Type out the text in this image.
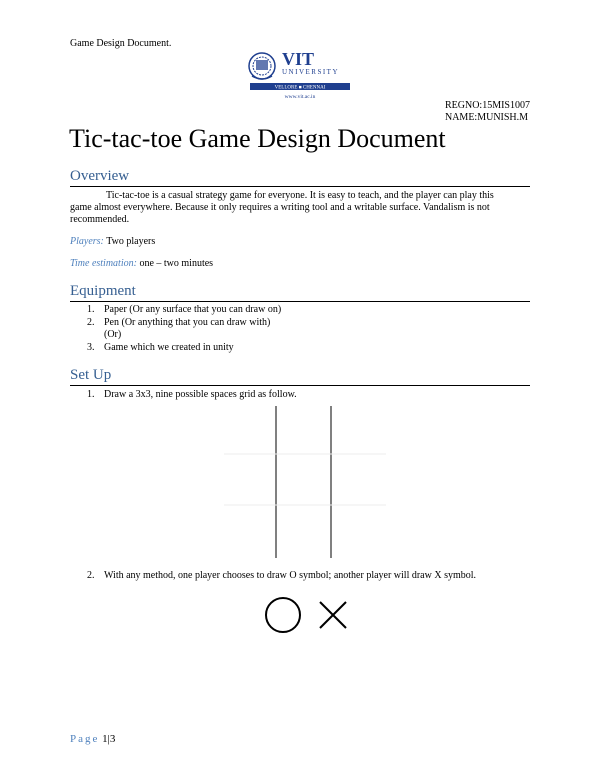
Game Design Document.
VIT
UNIVERSITY
VELLORE ■ CHENNAI
www.vit.ac.in
REGNO:15MIS1007
NAME:MUNISH.M
Tic-tac-toe Game Design Document
Overview
Tic-tac-toe is a casual strategy game for everyone. It is easy to teach, and the player can play this
game almost everywhere. Because it only requires a writing tool and a writable surface. Vandalism is not
recommended.
Players: Two players
Time estimation: one – two minutes
Equipment
1. Paper (Or any surface that you can draw on)
2. Pen (Or anything that you can draw with)
(Or)
3. Game which we created in unity
Set Up
1. Draw a 3x3, nine possible spaces grid as follow.
2. With any method, one player chooses to draw O symbol; another player will draw X symbol.
Page 1|3
